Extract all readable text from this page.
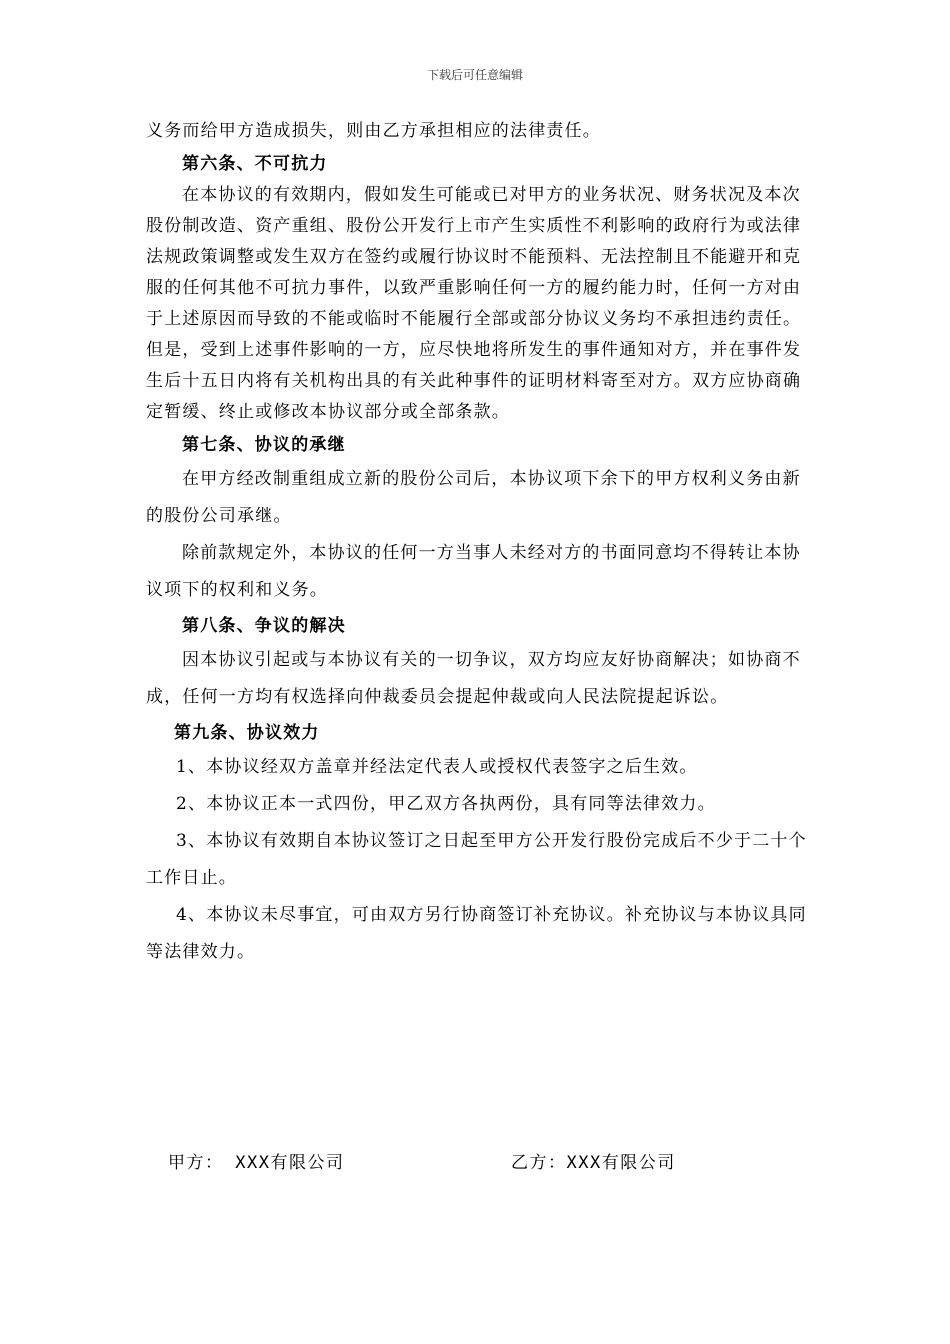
下载后可任意编辑

义务而给甲方造成损失，则由乙方承担相应的法律责任。

第六条、不可抗力

在本协议的有效期内，假如发生可能或已对甲方的业务状况、财务状况及本次股份制改造、资产重组、股份公开发行上市产生实质性不利影响的政府行为或法律法规政策调整或发生双方在签约或履行协议时不能预料、无法控制且不能避开和克服的任何其他不可抗力事件，以致严重影响任何一方的履约能力时，任何一方对由于上述原因而导致的不能或临时不能履行全部或部分协议义务均不承担违约责任。但是，受到上述事件影响的一方，应尽快地将所发生的事件通知对方，并在事件发生后十五日内将有关机构出具的有关此种事件的证明材料寄至对方。双方应协商确定暂缓、终止或修改本协议部分或全部条款。

第七条、协议的承继

在甲方经改制重组成立新的股份公司后，本协议项下余下的甲方权利义务由新的股份公司承继。

除前款规定外，本协议的任何一方当事人未经对方的书面同意均不得转让本协议项下的权利和义务。

第八条、争议的解决

因本协议引起或与本协议有关的一切争议，双方均应友好协商解决；如协商不成，任何一方均有权选择向仲裁委员会提起仲裁或向人民法院提起诉讼。

第九条、协议效力

1、本协议经双方盖章并经法定代表人或授权代表签字之后生效。

2、本协议正本一式四份，甲乙双方各执两份，具有同等法律效力。

3、本协议有效期自本协议签订之日起至甲方公开发行股份完成后不少于二十个工作日止。

4、本协议未尽事宜，可由双方另行协商签订补充协议。补充协议与本协议具同等法律效力。

甲方： XXX有限公司	乙方：XXX有限公司
